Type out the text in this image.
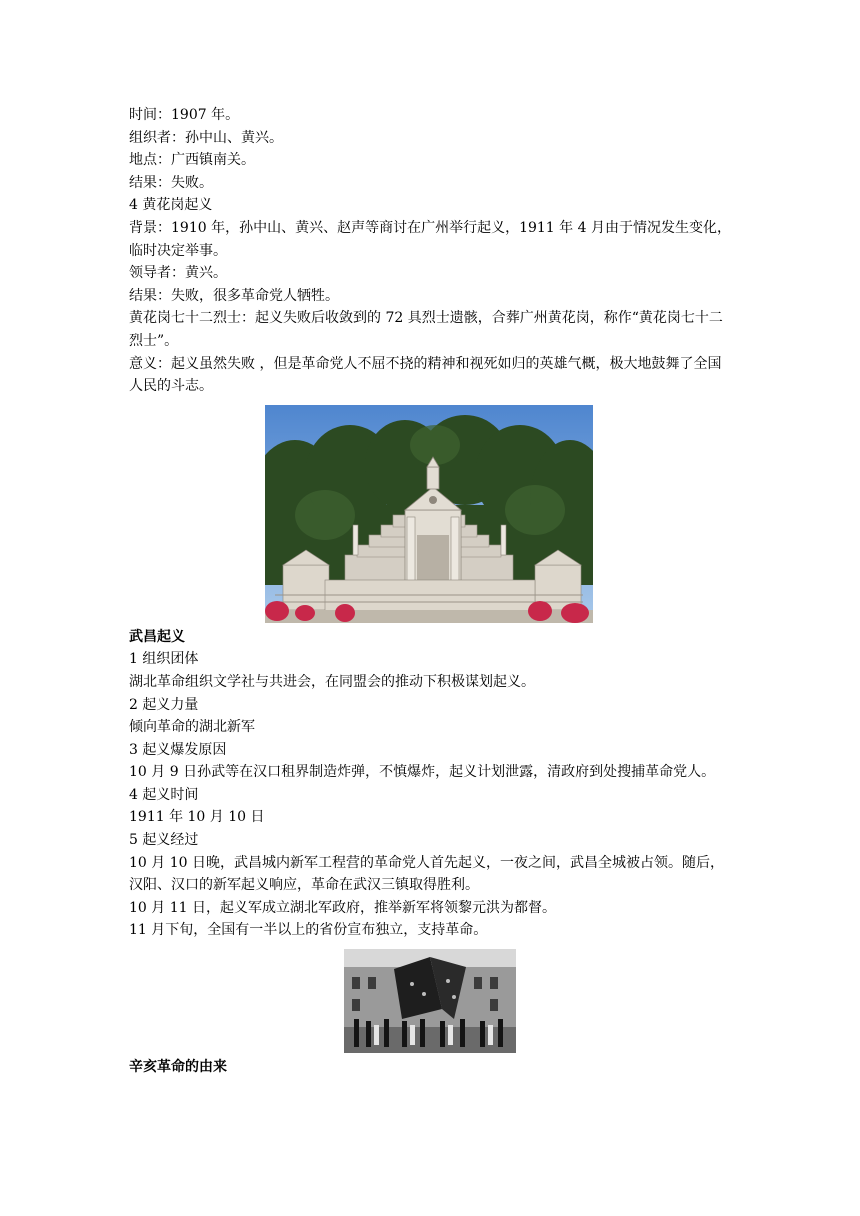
时间：1907 年。

组织者：孙中山、黄兴。

地点：广西镇南关。

结果：失败。

4 黄花岗起义

背景：1910 年，孙中山、黄兴、赵声等商讨在广州举行起义，1911 年 4 月由于情况发生变化，临时决定举事。

领导者：黄兴。

结果：失败，很多革命党人牺牲。

黄花岗七十二烈士：起义失败后收敛到的 72 具烈士遗骸，合葬广州黄花岗，称作“黄花岗七十二烈士”。

意义：起义虽然失败 ，但是革命党人不屈不挠的精神和视死如归的英雄气概，极大地鼓舞了全国人民的斗志。

武昌起义

1 组织团体

湖北革命组织文学社与共进会，在同盟会的推动下积极谋划起义。

2 起义力量

倾向革命的湖北新军

3 起义爆发原因

10 月 9 日孙武等在汉口租界制造炸弹，不慎爆炸，起义计划泄露，清政府到处搜捕革命党人。

4 起义时间

1911 年 10 月 10 日

5 起义经过

10 月 10 日晚，武昌城内新军工程营的革命党人首先起义，一夜之间，武昌全城被占领。随后，汉阳、汉口的新军起义响应，革命在武汉三镇取得胜利。

10 月 11 日，起义军成立湖北军政府，推举新军将领黎元洪为都督。

11 月下旬，全国有一半以上的省份宣布独立，支持革命。

辛亥革命的由来
